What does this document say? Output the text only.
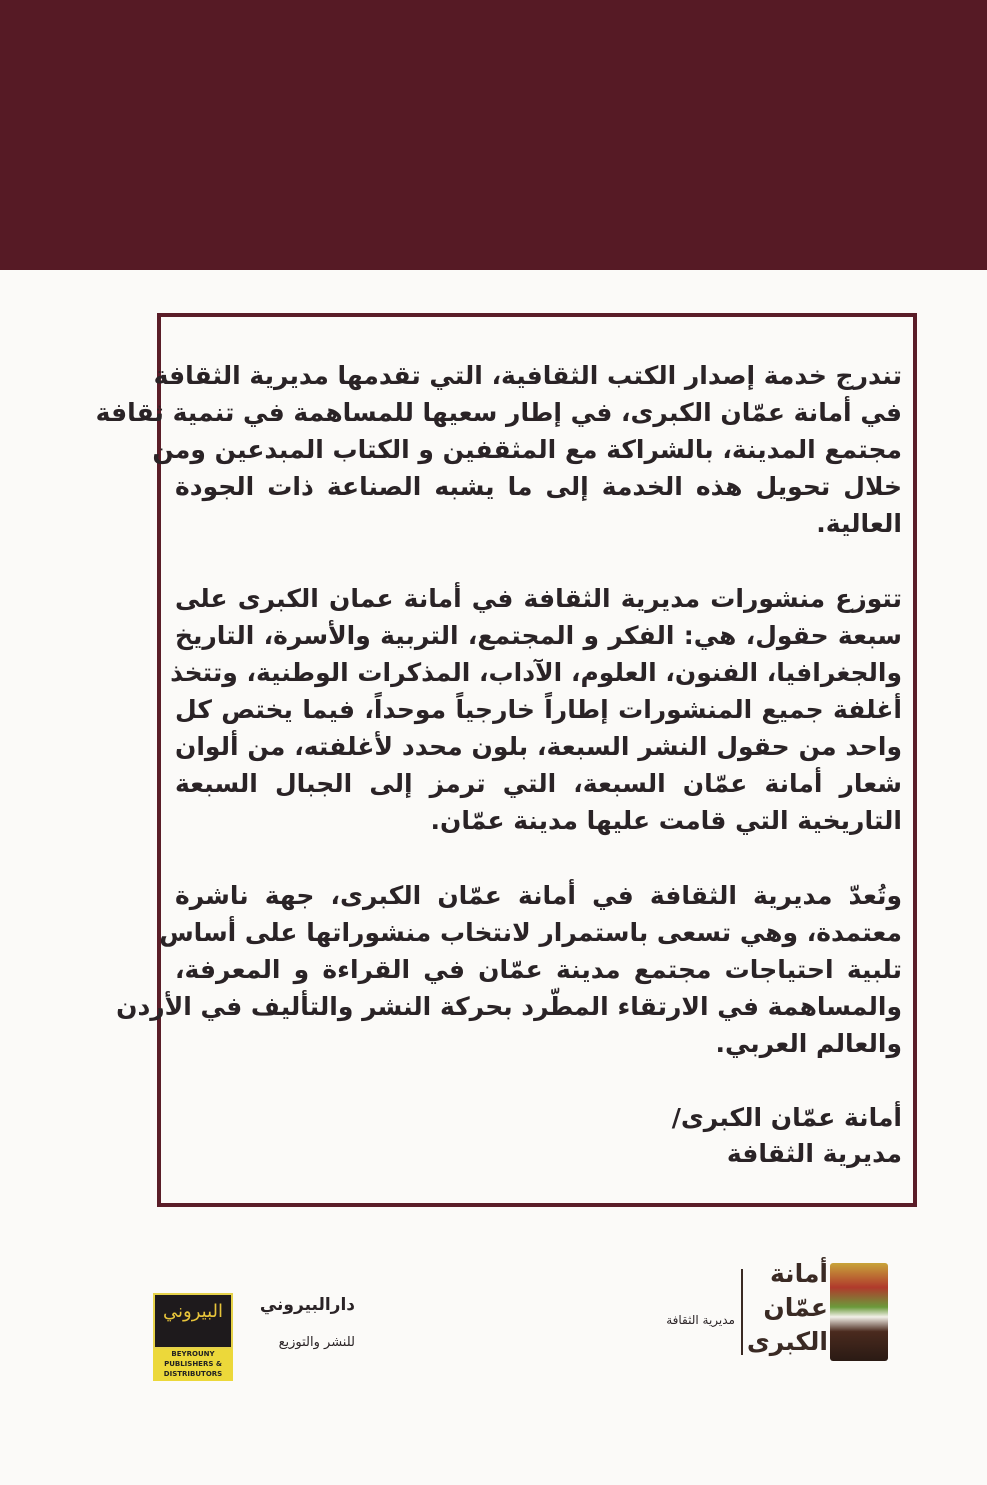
تندرج خدمة إصدار الكتب الثقافية، التي تقدمها مديرية الثقافة
في أمانة عمّان الكبرى، في إطار سعيها للمساهمة في تنمية ثقافة
مجتمع المدينة، بالشراكة مع المثقفين و الكتاب المبدعين ومن
خلال تحويل هذه الخدمة إلى ما يشبه الصناعة ذات الجودة
العالية.
تتوزع منشورات مديرية الثقافة في أمانة عمان الكبرى على
سبعة حقول، هي: الفكر و المجتمع، التربية والأسرة، التاريخ
والجغرافيا، الفنون، العلوم، الآداب، المذكرات الوطنية، وتتخذ
أغلفة جميع المنشورات إطاراً خارجياً موحداً، فيما يختص كل
واحد من حقول النشر السبعة، بلون محدد لأغلفته، من ألوان
شعار أمانة عمّان السبعة، التي ترمز إلى الجبال السبعة
التاريخية التي قامت عليها مدينة عمّان.
وتُعدّ مديرية الثقافة في أمانة عمّان الكبرى، جهة ناشرة
معتمدة، وهي تسعى باستمرار لانتخاب منشوراتها على أساس
تلبية احتياجات مجتمع مدينة عمّان في القراءة و المعرفة،
والمساهمة في الارتقاء المطّرد بحركة النشر والتأليف في الأردن
والعالم العربي.
أمانة عمّان الكبرى/
مديرية الثقافة
أمانة
عمّان
الكبرى
مديرية الثقافة
البيروني
BEYROUNY PUBLISHERS & DISTRIBUTORS
دارالبيروني
للنشر والتوزيع
